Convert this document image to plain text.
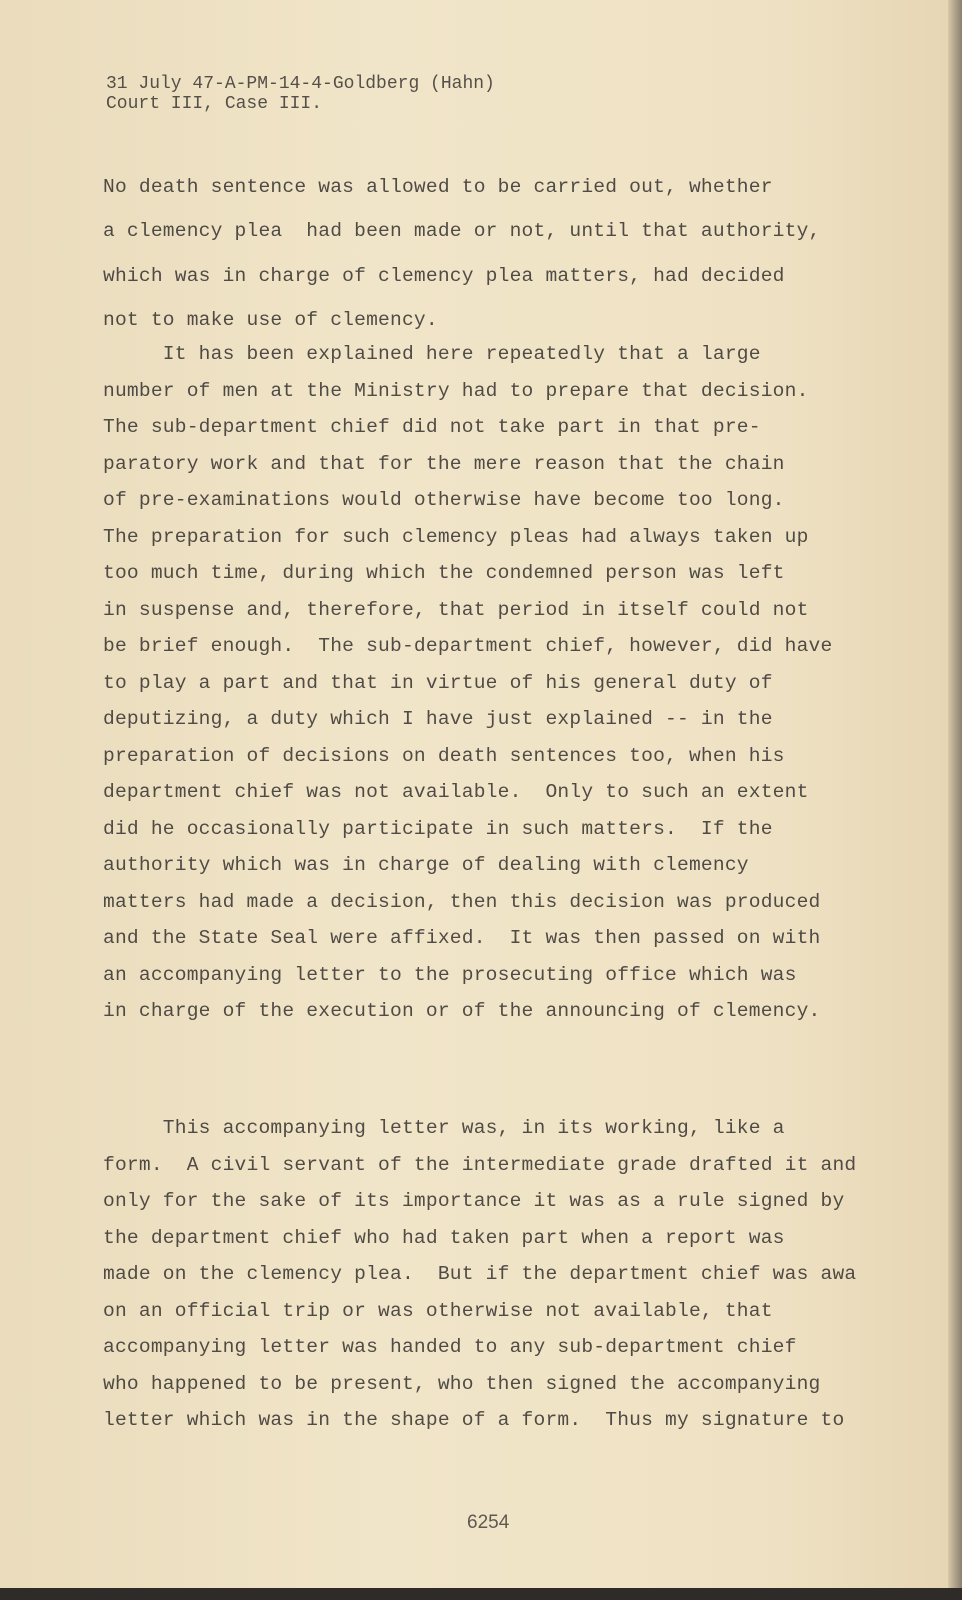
31 July 47-A-PM-14-4-Goldberg (Hahn)
Court III, Case III.
No death sentence was allowed to be carried out, whether
a clemency plea  had been made or not, until that authority,
which was in charge of clemency plea matters, had decided
not to make use of clemency.
It has been explained here repeatedly that a large
number of men at the Ministry had to prepare that decision.
The sub-department chief did not take part in that pre-
paratory work and that for the mere reason that the chain
of pre-examinations would otherwise have become too long.
The preparation for such clemency pleas had always taken up
too much time, during which the condemned person was left
in suspense and, therefore, that period in itself could not
be brief enough.  The sub-department chief, however, did have
to play a part and that in virtue of his general duty of
deputizing, a duty which I have just explained -- in the
preparation of decisions on death sentences too, when his
department chief was not available.  Only to such an extent
did he occasionally participate in such matters.  If the
authority which was in charge of dealing with clemency
matters had made a decision, then this decision was produced
and the State Seal were affixed.  It was then passed on with
an accompanying letter to the prosecuting office which was
in charge of the execution or of the announcing of clemency.
This accompanying letter was, in its working, like a
form.  A civil servant of the intermediate grade drafted it and
only for the sake of its importance it was as a rule signed by
the department chief who had taken part when a report was
made on the clemency plea.  But if the department chief was awa
on an official trip or was otherwise not available, that
accompanying letter was handed to any sub-department chief
who happened to be present, who then signed the accompanying
letter which was in the shape of a form.  Thus my signature to
6254
